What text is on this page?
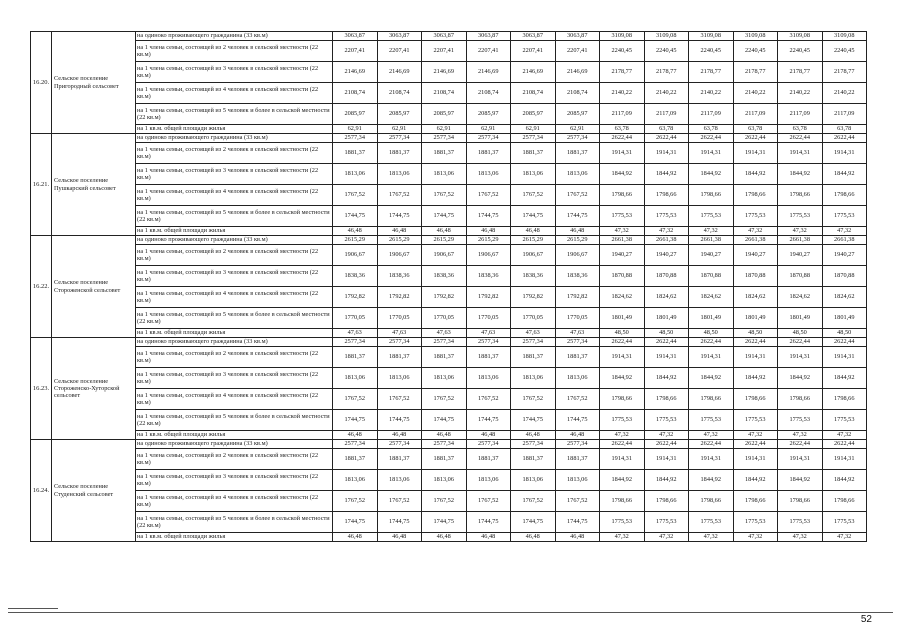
16.20.	Сельское поселение Пригородный сельсовет	на одиноко проживающего гражданина (33 кв.м)	3063,87	3063,87	3063,87	3063,87	3063,87	3063,87	3109,08	3109,08	3109,08	3109,08	3109,08	3109,08
		на 1 члена семьи, состоящей из 2 человек в сельской местности (22 кв.м)	2207,41	2207,41	2207,41	2207,41	2207,41	2207,41	2240,45	2240,45	2240,45	2240,45	2240,45	2240,45
		на 1 члена семьи, состоящей из 3 человек в сельской местности (22 кв.м)	2146,69	2146,69	2146,69	2146,69	2146,69	2146,69	2178,77	2178,77	2178,77	2178,77	2178,77	2178,77
		на 1 члена семьи, состоящей из 4 человек в сельской местности (22 кв.м)	2108,74	2108,74	2108,74	2108,74	2108,74	2108,74	2140,22	2140,22	2140,22	2140,22	2140,22	2140,22
		на 1 члена семьи, состоящей из 5 человек и более в сельской местности (22 кв.м)	2085,97	2085,97	2085,97	2085,97	2085,97	2085,97	2117,09	2117,09	2117,09	2117,09	2117,09	2117,09
		на 1 кв.м. общей площади жилья	62,91	62,91	62,91	62,91	62,91	62,91	63,78	63,78	63,78	63,78	63,78	63,78
16.21.	Сельское поселение Пушкарский сельсовет	на одиноко проживающего гражданина (33 кв.м)	2577,34	2577,34	2577,34	2577,34	2577,34	2577,34	2622,44	2622,44	2622,44	2622,44	2622,44	2622,44
		на 1 члена семьи, состоящей из 2 человек в сельской местности (22 кв.м)	1881,37	1881,37	1881,37	1881,37	1881,37	1881,37	1914,31	1914,31	1914,31	1914,31	1914,31	1914,31
		на 1 члена семьи, состоящей из 3 человек в сельской местности (22 кв.м)	1813,06	1813,06	1813,06	1813,06	1813,06	1813,06	1844,92	1844,92	1844,92	1844,92	1844,92	1844,92
		на 1 члена семьи, состоящей из 4 человек в сельской местности (22 кв.м)	1767,52	1767,52	1767,52	1767,52	1767,52	1767,52	1798,66	1798,66	1798,66	1798,66	1798,66	1798,66
		на 1 члена семьи, состоящей из 5 человек и более в сельской местности (22 кв.м)	1744,75	1744,75	1744,75	1744,75	1744,75	1744,75	1775,53	1775,53	1775,53	1775,53	1775,53	1775,53
		на 1 кв.м. общей площади жилья	46,48	46,48	46,48	46,48	46,48	46,48	47,32	47,32	47,32	47,32	47,32	47,32
16.22.	Сельское поселение Стороженской сельсовет	на одиноко проживающего гражданина (33 кв.м)	2615,29	2615,29	2615,29	2615,29	2615,29	2615,29	2661,38	2661,38	2661,38	2661,38	2661,38	2661,38
		на 1 члена семьи, состоящей из 2 человек в сельской местности (22 кв.м)	1906,67	1906,67	1906,67	1906,67	1906,67	1906,67	1940,27	1940,27	1940,27	1940,27	1940,27	1940,27
		на 1 члена семьи, состоящей из 3 человек в сельской местности (22 кв.м)	1838,36	1838,36	1838,36	1838,36	1838,36	1838,36	1870,88	1870,88	1870,88	1870,88	1870,88	1870,88
		на 1 члена семьи, состоящей из 4 человек в сельской местности (22 кв.м)	1792,82	1792,82	1792,82	1792,82	1792,82	1792,82	1824,62	1824,62	1824,62	1824,62	1824,62	1824,62
		на 1 члена семьи, состоящей из 5 человек и более в сельской местности (22 кв.м)	1770,05	1770,05	1770,05	1770,05	1770,05	1770,05	1801,49	1801,49	1801,49	1801,49	1801,49	1801,49
		на 1 кв.м. общей площади жилья	47,63	47,63	47,63	47,63	47,63	47,63	48,50	48,50	48,50	48,50	48,50	48,50
16.23.	Сельское поселение Стороженско-Хуторской сельсовет	на одиноко проживающего гражданина (33 кв.м)	2577,34	2577,34	2577,34	2577,34	2577,34	2577,34	2622,44	2622,44	2622,44	2622,44	2622,44	2622,44
		на 1 члена семьи, состоящей из 2 человек в сельской местности (22 кв.м)	1881,37	1881,37	1881,37	1881,37	1881,37	1881,37	1914,31	1914,31	1914,31	1914,31	1914,31	1914,31
		на 1 члена семьи, состоящей из 3 человек в сельской местности (22 кв.м)	1813,06	1813,06	1813,06	1813,06	1813,06	1813,06	1844,92	1844,92	1844,92	1844,92	1844,92	1844,92
		на 1 члена семьи, состоящей из 4 человек в сельской местности (22 кв.м)	1767,52	1767,52	1767,52	1767,52	1767,52	1767,52	1798,66	1798,66	1798,66	1798,66	1798,66	1798,66
		на 1 члена семьи, состоящей из 5 человек и более в сельской местности (22 кв.м)	1744,75	1744,75	1744,75	1744,75	1744,75	1744,75	1775,53	1775,53	1775,53	1775,53	1775,53	1775,53
		на 1 кв.м. общей площади жилья	46,48	46,48	46,48	46,48	46,48	46,48	47,32	47,32	47,32	47,32	47,32	47,32
16.24.	Сельское поселение Студенский сельсовет	на одиноко проживающего гражданина (33 кв.м)	2577,34	2577,34	2577,34	2577,34	2577,34	2577,34	2622,44	2622,44	2622,44	2622,44	2622,44	2622,44
		на 1 члена семьи, состоящей из 2 человек в сельской местности (22 кв.м)	1881,37	1881,37	1881,37	1881,37	1881,37	1881,37	1914,31	1914,31	1914,31	1914,31	1914,31	1914,31
		на 1 члена семьи, состоящей из 3 человек в сельской местности (22 кв.м)	1813,06	1813,06	1813,06	1813,06	1813,06	1813,06	1844,92	1844,92	1844,92	1844,92	1844,92	1844,92
		на 1 члена семьи, состоящей из 4 человек в сельской местности (22 кв.м)	1767,52	1767,52	1767,52	1767,52	1767,52	1767,52	1798,66	1798,66	1798,66	1798,66	1798,66	1798,66
		на 1 члена семьи, состоящей из 5 человек и более в сельской местности (22 кв.м)	1744,75	1744,75	1744,75	1744,75	1744,75	1744,75	1775,53	1775,53	1775,53	1775,53	1775,53	1775,53
		на 1 кв.м. общей площади жилья	46,48	46,48	46,48	46,48	46,48	46,48	47,32	47,32	47,32	47,32	47,32	47,32
52
